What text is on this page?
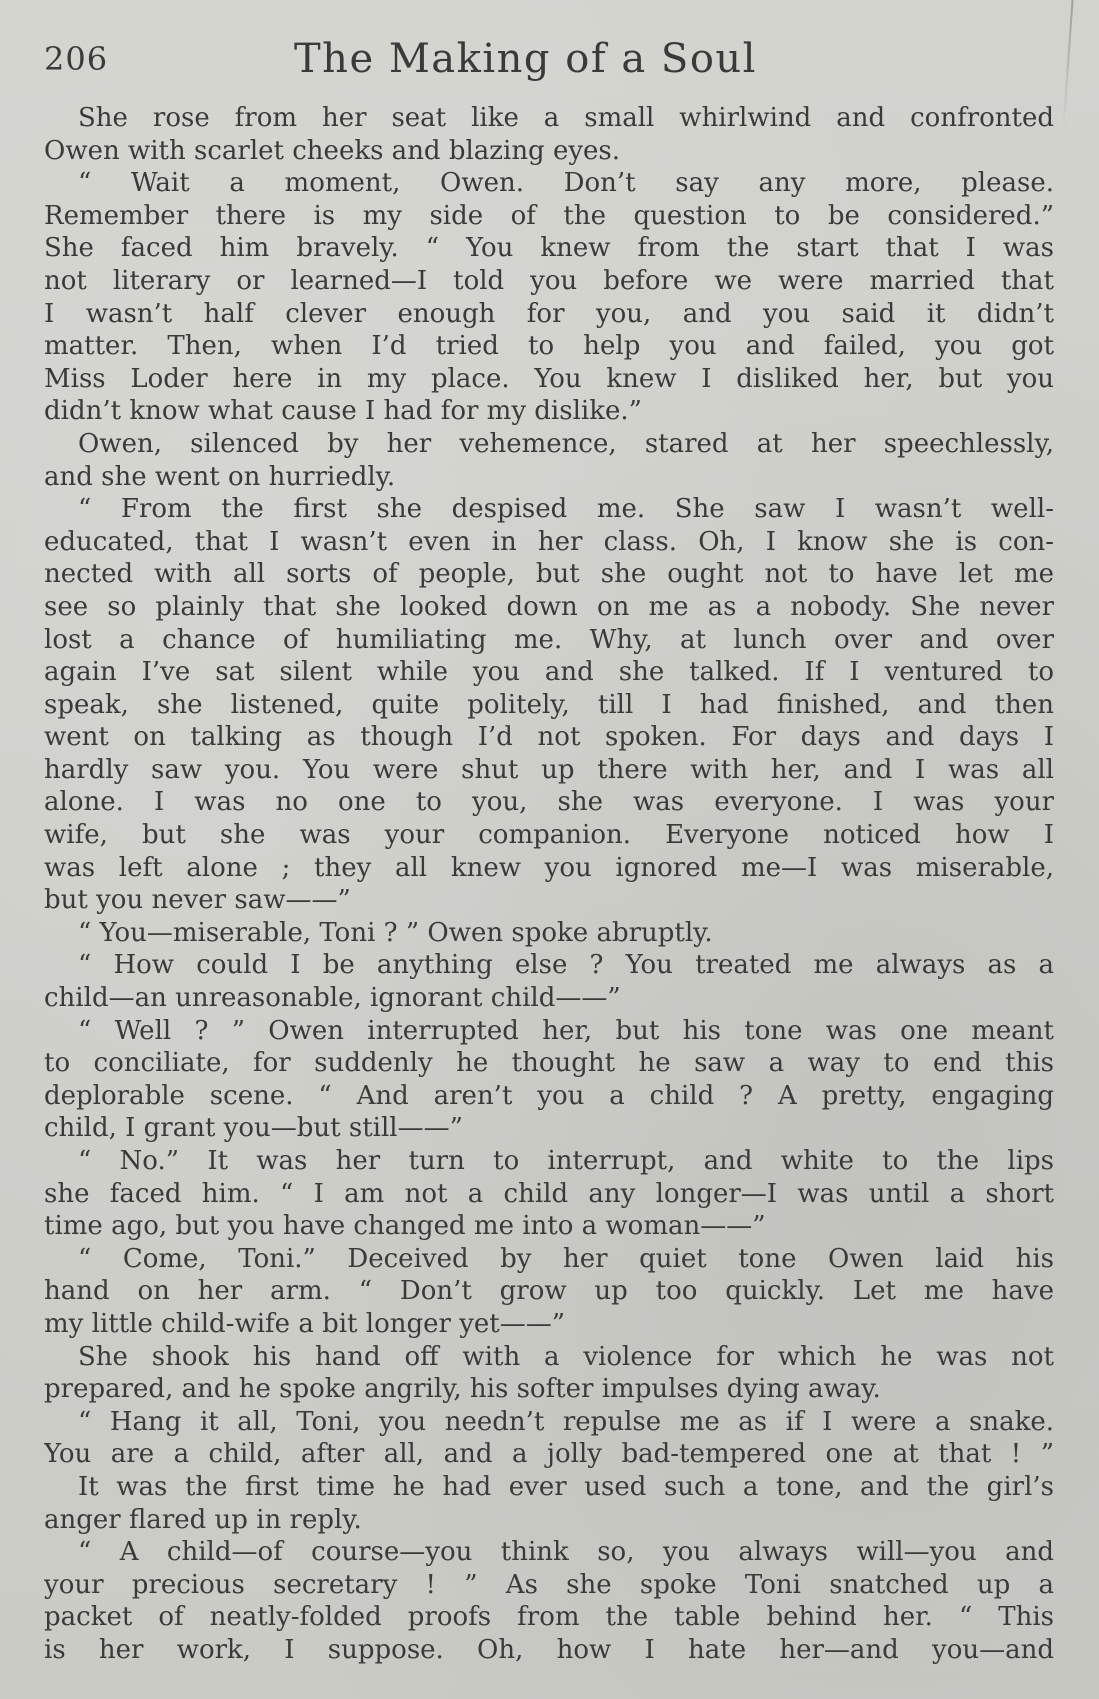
206	The Making of a Soul
She rose from her seat like a small whirlwind and confronted
Owen with scarlet cheeks and blazing eyes.
“ Wait a moment, Owen. Don’t say any more, please.
Remember there is my side of the question to be considered.”
She faced him bravely. “ You knew from the start that I was
not literary or learned—I told you before we were married that
I wasn’t half clever enough for you, and you said it didn’t
matter. Then, when I’d tried to help you and failed, you got
Miss Loder here in my place. You knew I disliked her, but you
didn’t know what cause I had for my dislike.”
Owen, silenced by her vehemence, stared at her speechlessly,
and she went on hurriedly.
“ From the first she despised me. She saw I wasn’t well-
educated, that I wasn’t even in her class. Oh, I know she is con-
nected with all sorts of people, but she ought not to have let me
see so plainly that she looked down on me as a nobody. She never
lost a chance of humiliating me. Why, at lunch over and over
again I’ve sat silent while you and she talked. If I ventured to
speak, she listened, quite politely, till I had finished, and then
went on talking as though I’d not spoken. For days and days I
hardly saw you. You were shut up there with her, and I was all
alone. I was no one to you, she was everyone. I was your
wife, but she was your companion. Everyone noticed how I
was left alone ; they all knew you ignored me—I was miserable,
but you never saw——”
“ You—miserable, Toni ? ” Owen spoke abruptly.
“ How could I be anything else ? You treated me always as a
child—an unreasonable, ignorant child——”
“ Well ? ” Owen interrupted her, but his tone was one meant
to conciliate, for suddenly he thought he saw a way to end this
deplorable scene. “ And aren’t you a child ? A pretty, engaging
child, I grant you—but still——”
“ No.” It was her turn to interrupt, and white to the lips
she faced him. “ I am not a child any longer—I was until a short
time ago, but you have changed me into a woman——”
“ Come, Toni.” Deceived by her quiet tone Owen laid his
hand on her arm. “ Don’t grow up too quickly. Let me have
my little child-wife a bit longer yet——”
She shook his hand off with a violence for which he was not
prepared, and he spoke angrily, his softer impulses dying away.
“ Hang it all, Toni, you needn’t repulse me as if I were a snake.
You are a child, after all, and a jolly bad-tempered one at that ! ”
It was the first time he had ever used such a tone, and the girl’s
anger flared up in reply.
“ A child—of course—you think so, you always will—you and
your precious secretary ! ” As she spoke Toni snatched up a
packet of neatly-folded proofs from the table behind her. “ This
is her work, I suppose. Oh, how I hate her—and you—and
